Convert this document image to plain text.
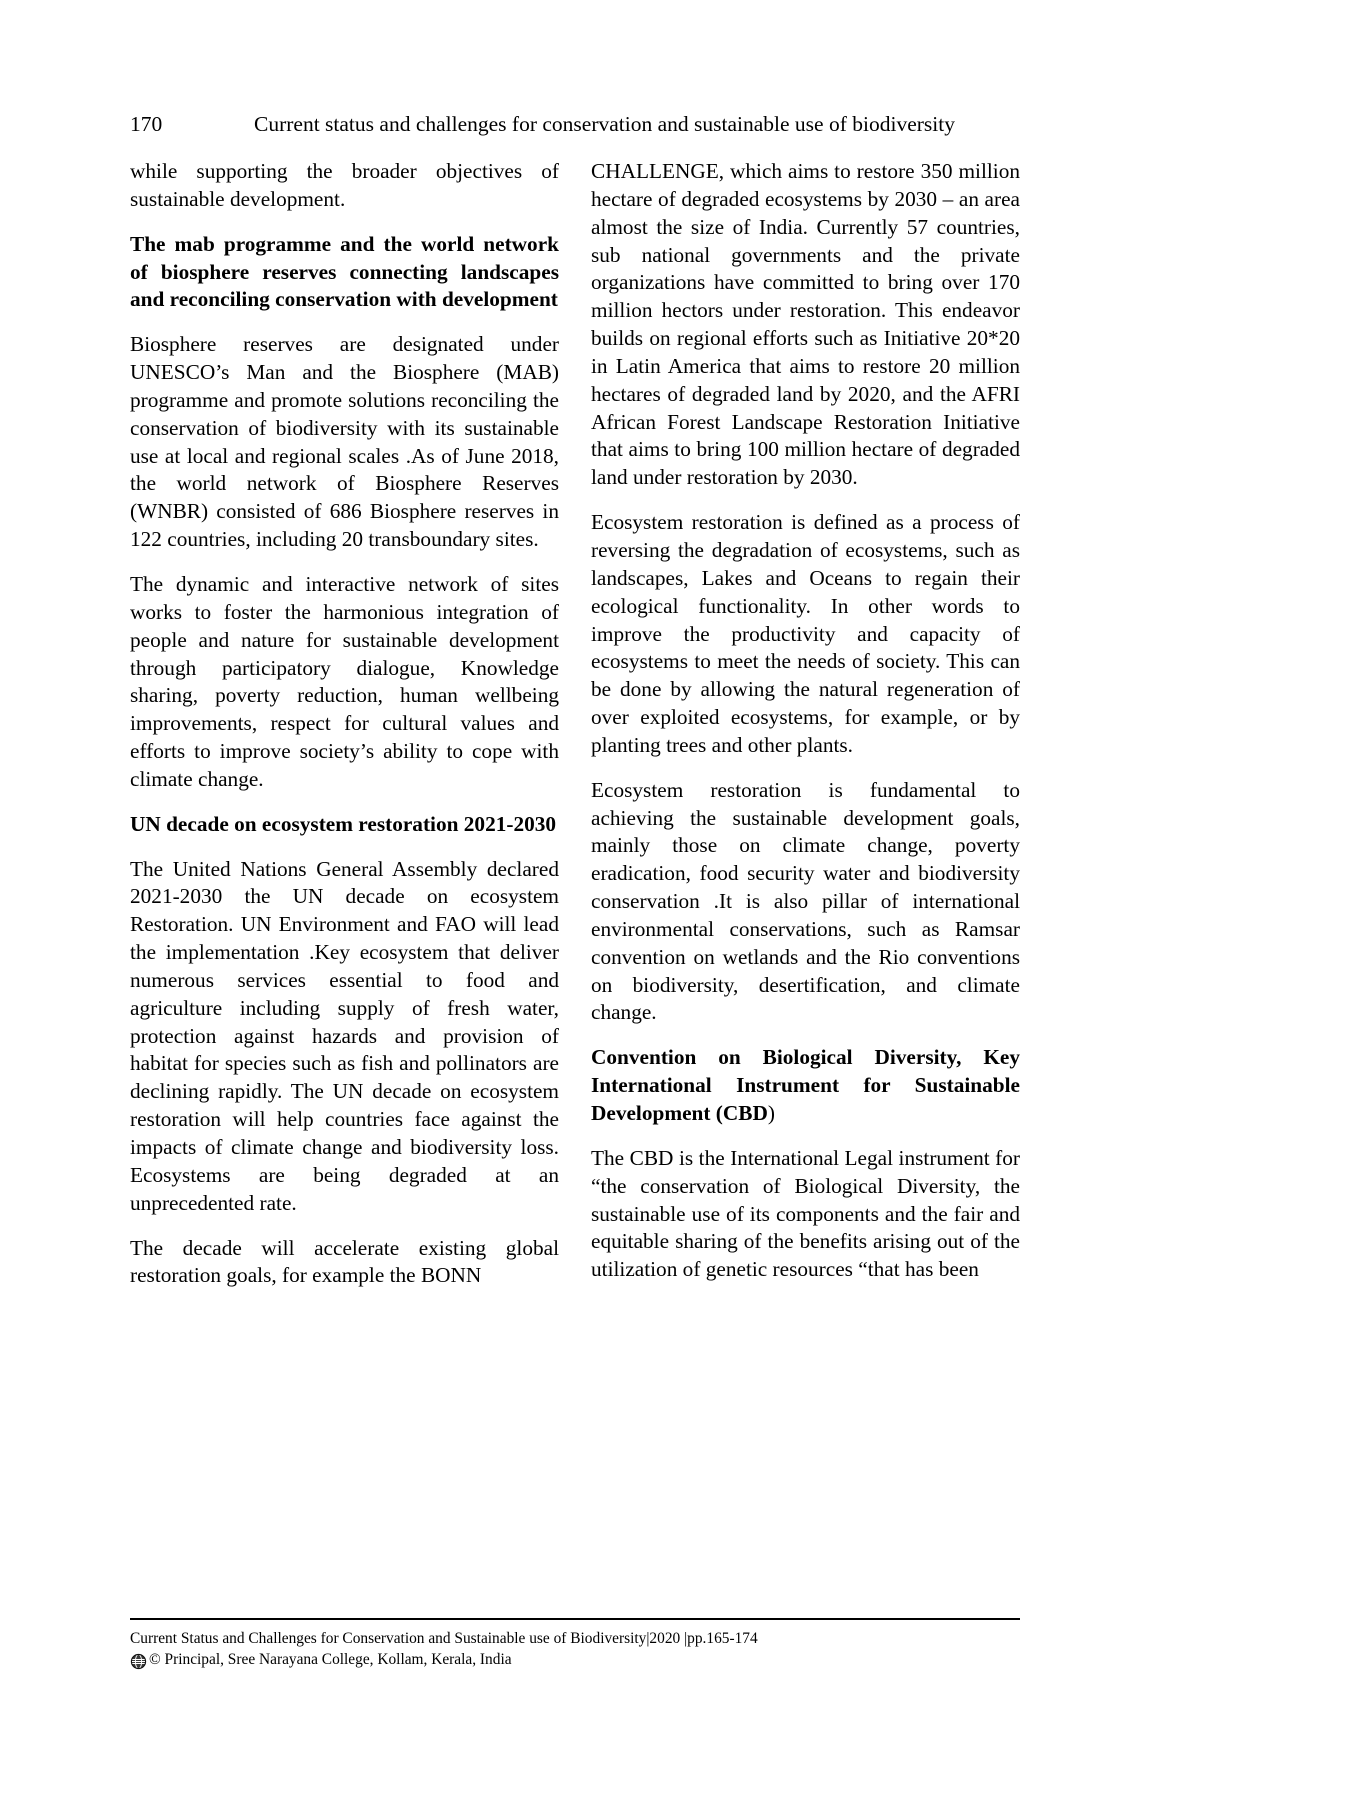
170	Current status and challenges for conservation and sustainable use of biodiversity

while supporting the broader objectives of sustainable development.

The mab programme and the world network of biosphere reserves connecting landscapes and reconciling conservation with development

Biosphere reserves are designated under UNESCO’s Man and the Biosphere (MAB) programme and promote solutions reconciling the conservation of biodiversity with its sustainable use at local and regional scales .As of June 2018, the world network of Biosphere Reserves (WNBR) consisted of 686 Biosphere reserves in 122 countries, including 20 transboundary sites.

The dynamic and interactive network of sites works to foster the harmonious integration of people and nature for sustainable development through participatory dialogue, Knowledge sharing, poverty reduction, human wellbeing improvements, respect for cultural values and efforts to improve society’s ability to cope with climate change.

UN decade on ecosystem restoration 2021-2030

The United Nations General Assembly declared 2021-2030 the UN decade on ecosystem Restoration. UN Environment and FAO will lead the implementation .Key ecosystem that deliver numerous services essential to food and agriculture including supply of fresh water, protection against hazards and provision of habitat for species such as fish and pollinators are declining rapidly. The UN decade on ecosystem restoration will help countries face against the impacts of climate change and biodiversity loss. Ecosystems are being degraded at an unprecedented rate.

The decade will accelerate existing global restoration goals, for example the BONN

CHALLENGE, which aims to restore 350 million hectare of degraded ecosystems by 2030 – an area almost the size of India. Currently 57 countries, sub national governments and the private organizations have committed to bring over 170 million hectors under restoration. This endeavor builds on regional efforts such as Initiative 20*20 in Latin America that aims to restore 20 million hectares of degraded land by 2020, and the AFRI African Forest Landscape Restoration Initiative that aims to bring 100 million hectare of degraded land under restoration by 2030.

Ecosystem restoration is defined as a process of reversing the degradation of ecosystems, such as landscapes, Lakes and Oceans to regain their ecological functionality. In other words to improve the productivity and capacity of ecosystems to meet the needs of society. This can be done by allowing the natural regeneration of over exploited ecosystems, for example, or by planting trees and other plants.

Ecosystem restoration is fundamental to achieving the sustainable development goals, mainly those on climate change, poverty eradication, food security water and biodiversity conservation .It is also pillar of international environmental conservations, such as Ramsar convention on wetlands and the Rio conventions on biodiversity, desertification, and climate change.

Convention on Biological Diversity, Key International Instrument for Sustainable Development (CBD)

The CBD is the International Legal instrument for “the conservation of Biological Diversity, the sustainable use of its components and the fair and equitable sharing of the benefits arising out of the utilization of genetic resources “that has been

Current Status and Challenges for Conservation and Sustainable use of Biodiversity|2020 |pp.165-174
© Principal, Sree Narayana College, Kollam, Kerala, India
